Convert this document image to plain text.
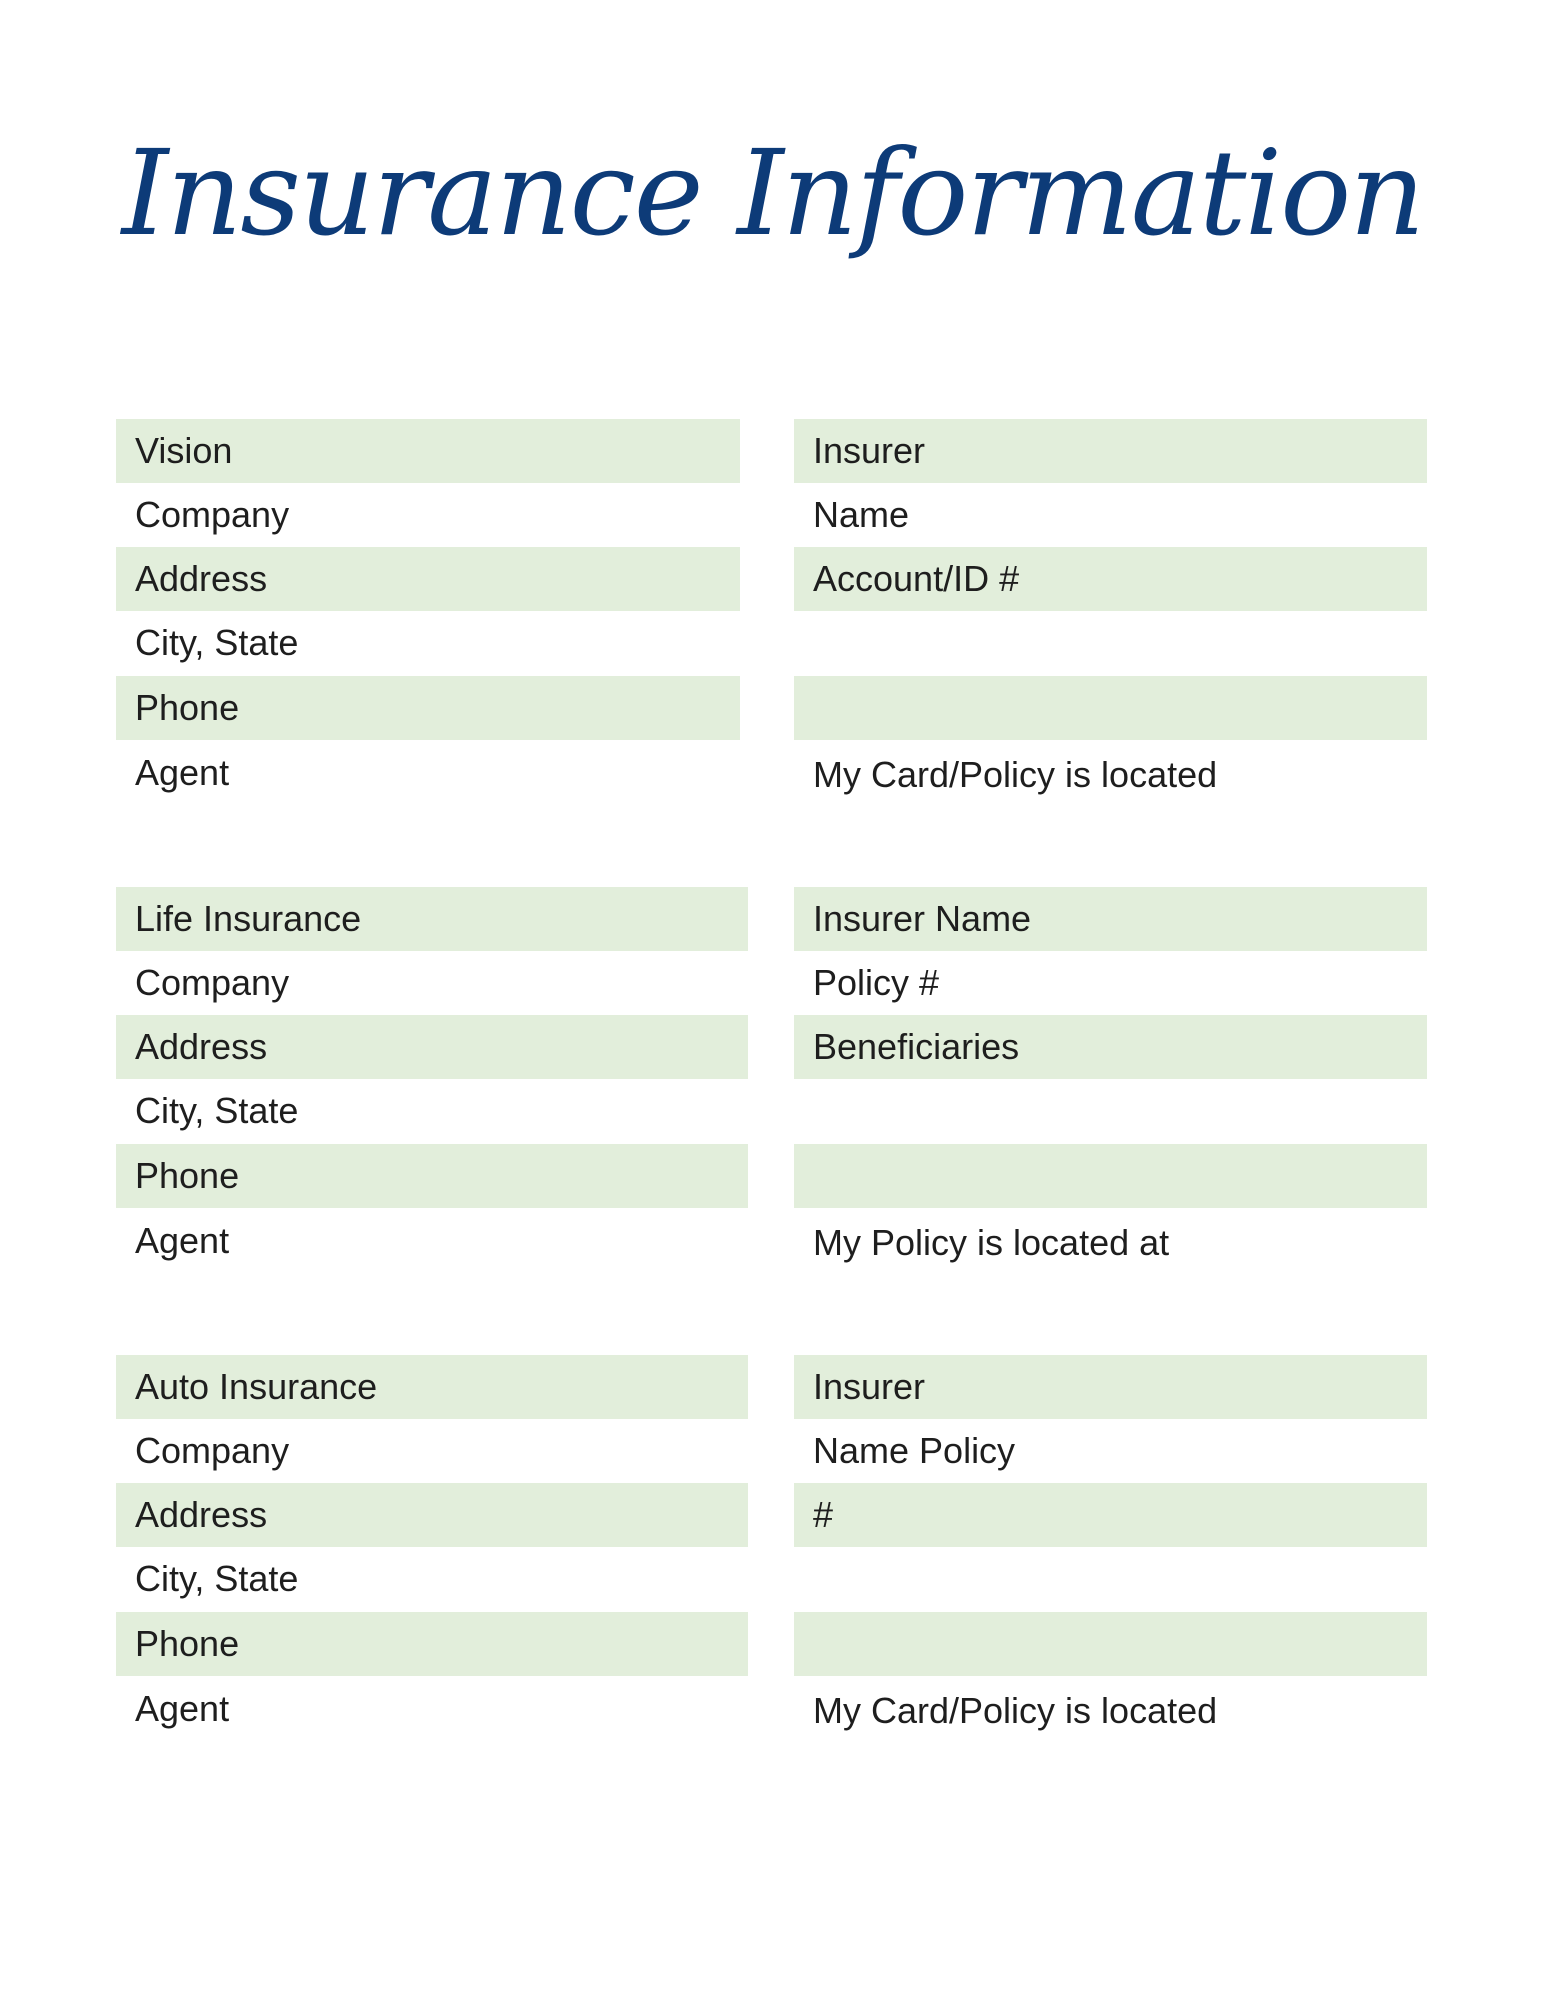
Insurance Information
Vision
Company
Address
City, State
Phone
Agent
Insurer
Name
Account/ID #
My Card/Policy is located
Life Insurance
Company
Address
City, State
Phone
Agent
Insurer Name
Policy #
Beneficiaries
My Policy is located at
Auto Insurance
Company
Address
City, State
Phone
Agent
Insurer
Name Policy
#
My Card/Policy is located
